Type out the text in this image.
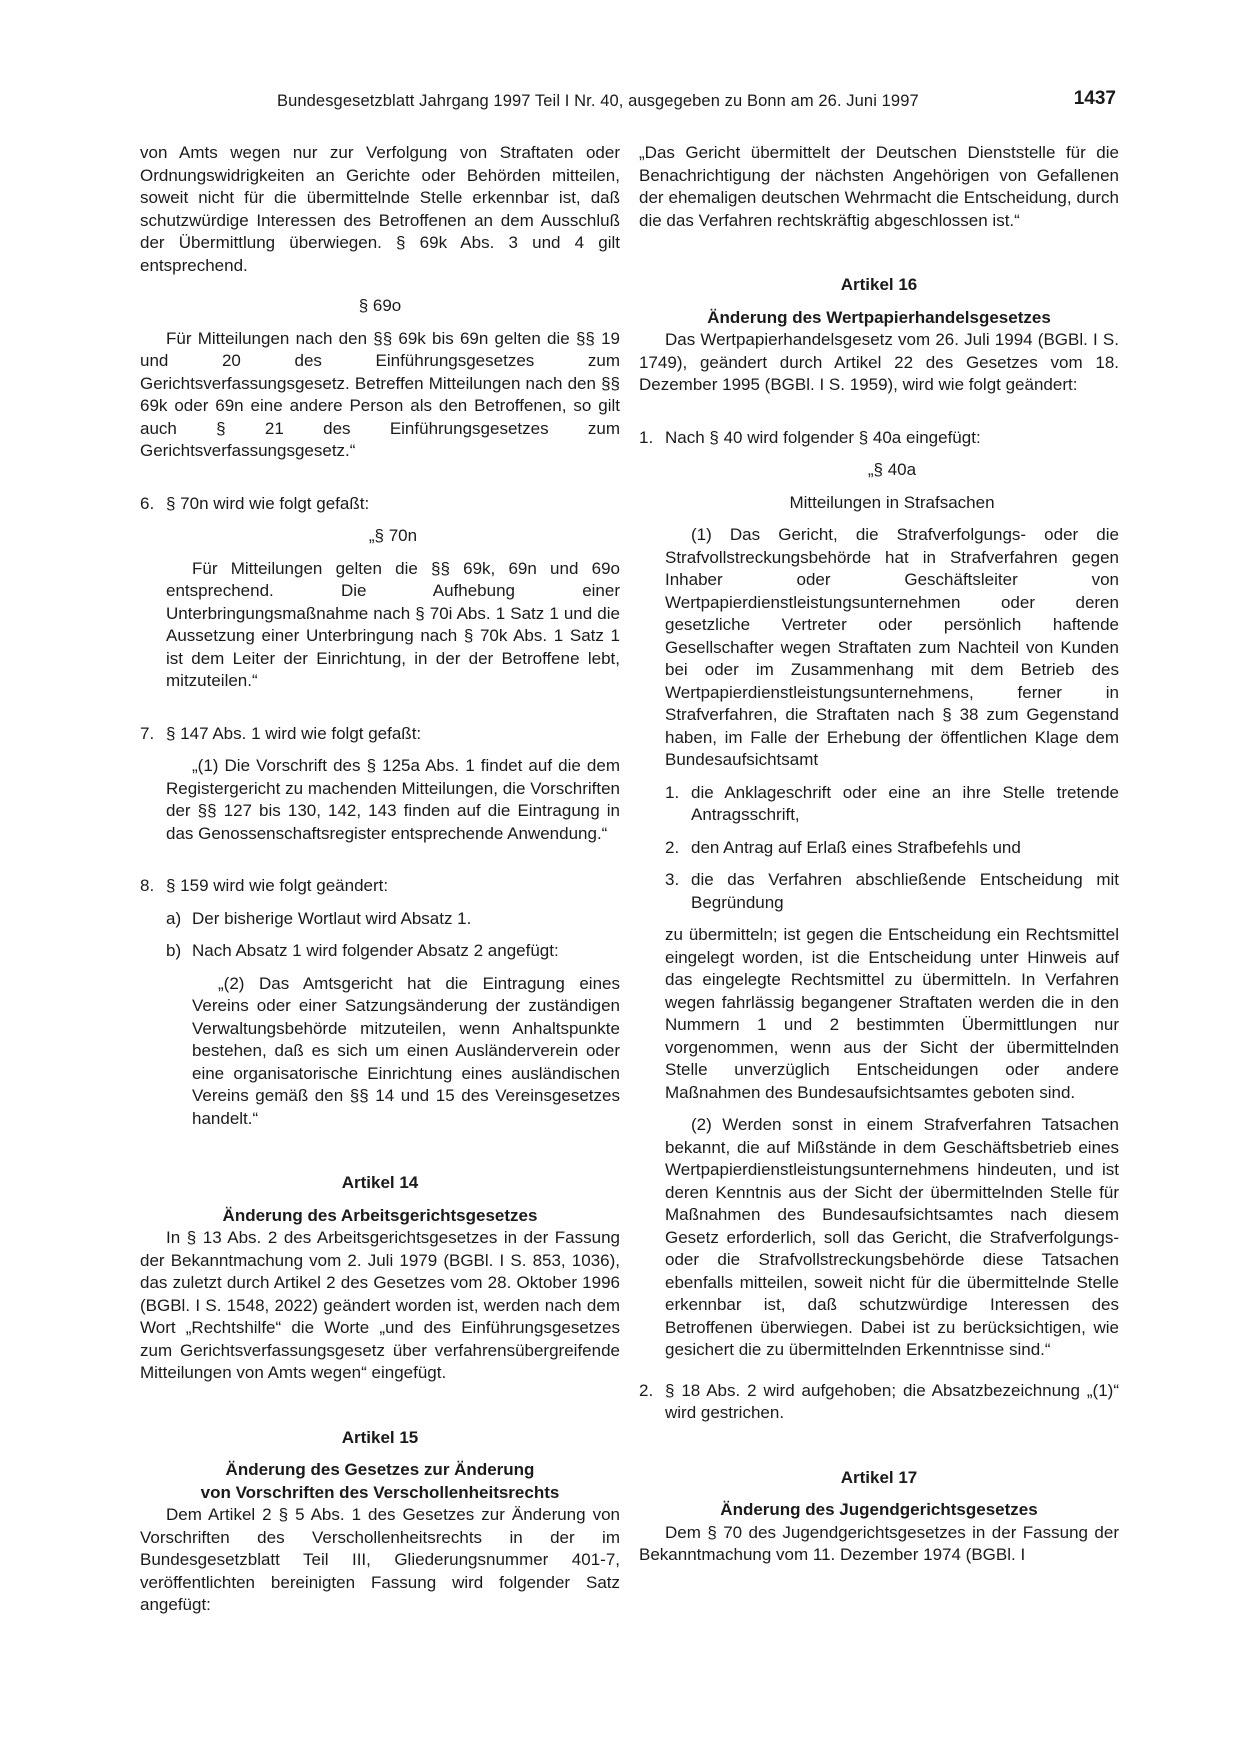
Bundesgesetzblatt Jahrgang 1997 Teil I Nr. 40, ausgegeben zu Bonn am 26. Juni 1997	1437

von Amts wegen nur zur Verfolgung von Straftaten oder Ordnungswidrigkeiten an Gerichte oder Behörden mitteilen, soweit nicht für die übermittelnde Stelle erkennbar ist, daß schutzwürdige Interessen des Betroffenen an dem Ausschluß der Übermittlung überwiegen. § 69k Abs. 3 und 4 gilt entsprechend.

§ 69o

Für Mitteilungen nach den §§ 69k bis 69n gelten die §§ 19 und 20 des Einführungsgesetzes zum Gerichtsverfassungsgesetz. Betreffen Mitteilungen nach den §§ 69k oder 69n eine andere Person als den Betroffenen, so gilt auch § 21 des Einführungsgesetzes zum Gerichtsverfassungsgesetz.“

6. § 70n wird wie folgt gefaßt:

„§ 70n

Für Mitteilungen gelten die §§ 69k, 69n und 69o entsprechend. Die Aufhebung einer Unterbringungsmaßnahme nach § 70i Abs. 1 Satz 1 und die Aussetzung einer Unterbringung nach § 70k Abs. 1 Satz 1 ist dem Leiter der Einrichtung, in der der Betroffene lebt, mitzuteilen.“

7. § 147 Abs. 1 wird wie folgt gefaßt:

„(1) Die Vorschrift des § 125a Abs. 1 findet auf die dem Registergericht zu machenden Mitteilungen, die Vorschriften der §§ 127 bis 130, 142, 143 finden auf die Eintragung in das Genossenschaftsregister entsprechende Anwendung.“

8. § 159 wird wie folgt geändert:
a) Der bisherige Wortlaut wird Absatz 1.
b) Nach Absatz 1 wird folgender Absatz 2 angefügt:

„(2) Das Amtsgericht hat die Eintragung eines Vereins oder einer Satzungsänderung der zuständigen Verwaltungsbehörde mitzuteilen, wenn Anhaltspunkte bestehen, daß es sich um einen Ausländerverein oder eine organisatorische Einrichtung eines ausländischen Vereins gemäß den §§ 14 und 15 des Vereinsgesetzes handelt.“

Artikel 14

Änderung des Arbeitsgerichtsgesetzes

In § 13 Abs. 2 des Arbeitsgerichtsgesetzes in der Fassung der Bekanntmachung vom 2. Juli 1979 (BGBl. I S. 853, 1036), das zuletzt durch Artikel 2 des Gesetzes vom 28. Oktober 1996 (BGBl. I S. 1548, 2022) geändert worden ist, werden nach dem Wort „Rechtshilfe“ die Worte „und des Einführungsgesetzes zum Gerichtsverfassungsgesetz über verfahrensübergreifende Mitteilungen von Amts wegen“ eingefügt.

Artikel 15

Änderung des Gesetzes zur Änderung

von Vorschriften des Verschollenheitsrechts

Dem Artikel 2 § 5 Abs. 1 des Gesetzes zur Änderung von Vorschriften des Verschollenheitsrechts in der im Bundesgesetzblatt Teil III, Gliederungsnummer 401-7, veröffentlichten bereinigten Fassung wird folgender Satz angefügt:

„Das Gericht übermittelt der Deutschen Dienststelle für die Benachrichtigung der nächsten Angehörigen von Gefallenen der ehemaligen deutschen Wehrmacht die Entscheidung, durch die das Verfahren rechtskräftig abgeschlossen ist.“

Artikel 16

Änderung des Wertpapierhandelsgesetzes

Das Wertpapierhandelsgesetz vom 26. Juli 1994 (BGBl. I S. 1749), geändert durch Artikel 22 des Gesetzes vom 18. Dezember 1995 (BGBl. I S. 1959), wird wie folgt geändert:

1. Nach § 40 wird folgender § 40a eingefügt:

„§ 40a

Mitteilungen in Strafsachen

(1) Das Gericht, die Strafverfolgungs- oder die Strafvollstreckungsbehörde hat in Strafverfahren gegen Inhaber oder Geschäftsleiter von Wertpapierdienstleistungsunternehmen oder deren gesetzliche Vertreter oder persönlich haftende Gesellschafter wegen Straftaten zum Nachteil von Kunden bei oder im Zusammenhang mit dem Betrieb des Wertpapierdienstleistungsunternehmens, ferner in Strafverfahren, die Straftaten nach § 38 zum Gegenstand haben, im Falle der Erhebung der öffentlichen Klage dem Bundesaufsichtsamt

1. die Anklageschrift oder eine an ihre Stelle tretende Antragsschrift,
2. den Antrag auf Erlaß eines Strafbefehls und
3. die das Verfahren abschließende Entscheidung mit Begründung

zu übermitteln; ist gegen die Entscheidung ein Rechtsmittel eingelegt worden, ist die Entscheidung unter Hinweis auf das eingelegte Rechtsmittel zu übermitteln. In Verfahren wegen fahrlässig begangener Straftaten werden die in den Nummern 1 und 2 bestimmten Übermittlungen nur vorgenommen, wenn aus der Sicht der übermittelnden Stelle unverzüglich Entscheidungen oder andere Maßnahmen des Bundesaufsichtsamtes geboten sind.

(2) Werden sonst in einem Strafverfahren Tatsachen bekannt, die auf Mißstände in dem Geschäftsbetrieb eines Wertpapierdienstleistungsunternehmens hindeuten, und ist deren Kenntnis aus der Sicht der übermittelnden Stelle für Maßnahmen des Bundesaufsichtsamtes nach diesem Gesetz erforderlich, soll das Gericht, die Strafverfolgungs- oder die Strafvollstreckungsbehörde diese Tatsachen ebenfalls mitteilen, soweit nicht für die übermittelnde Stelle erkennbar ist, daß schutzwürdige Interessen des Betroffenen überwiegen. Dabei ist zu berücksichtigen, wie gesichert die zu übermittelnden Erkenntnisse sind.“

2. § 18 Abs. 2 wird aufgehoben; die Absatzbezeichnung „(1)“ wird gestrichen.

Artikel 17

Änderung des Jugendgerichtsgesetzes

Dem § 70 des Jugendgerichtsgesetzes in der Fassung der Bekanntmachung vom 11. Dezember 1974 (BGBl. I
